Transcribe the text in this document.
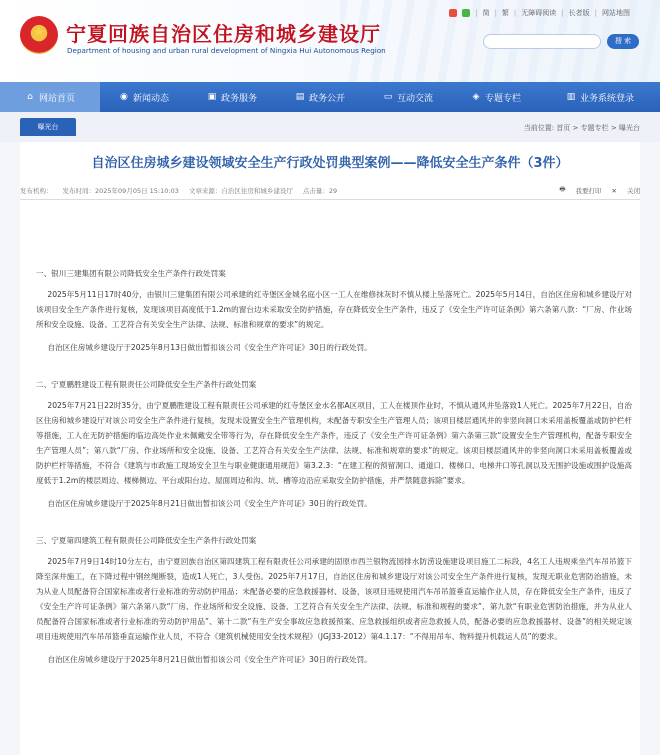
宁夏回族自治区住房和城乡建设厅
Department of housing and urban rural development of Ningxia Hui Autonomous Region
| 简 | 繁 | 无障碍阅读 | 长者版 | 网站地图
搜 索
⌂ 网站首页	◉ 新闻动态	▣ 政务服务	▤ 政务公开	▭ 互动交流	◈ 专题专栏	▥ 业务系统登录
曝光台	当前位置: 首页 > 专题专栏 > 曝光台
自治区住房城乡建设领域安全生产行政处罚典型案例——降低安全生产条件（3件）
发布机构： 发布时间：2025年09月05日 15:10:03 文章来源：自治区住房和城乡建设厅 点击量：29	🖶 我要打印 ✕ 关闭

一、银川三建集团有限公司降低安全生产条件行政处罚案

2025年5月11日17时40分，由银川三建集团有限公司承建的红寺堡区金城名庭小区一工人在维修抹灰时不慎从楼上坠落死亡。2025年5月14日，自治区住房和城乡建设厅对该项目安全生产条件进行复核，发现该项目高度低于1.2m的窗台边未采取安全防护措施，存在降低安全生产条件，违反了《安全生产许可证条例》第六条第八款：“厂房、作业场所和安全设施、设备、工艺符合有关安全生产法律、法规、标准和规章的要求”的规定。

自治区住房城乡建设厅于2025年8月13日做出暂扣该公司《安全生产许可证》30日的行政处罚。

二、宁夏鹏胜建设工程有限责任公司降低安全生产条件行政处罚案

2025年7月21日22时35分，由宁夏鹏胜建设工程有限责任公司承建的红寺堡区金水名都A区项目，工人在楼顶作业时，不慎从通风井坠落致1人死亡。2025年7月22日，自治区住房和城乡建设厅对该公司安全生产条件进行复核，发现未设置安全生产管理机构，未配备专职安全生产管理人员；该项目楼层通风井的非竖向洞口未采用盖板覆盖或防护栏杆等措施，工人在无防护措施的临边高处作业未佩戴安全带等行为，存在降低安全生产条件，违反了《安全生产许可证条例》第六条第三款“设置安全生产管理机构，配备专职安全生产管理人员”；第八款“厂房、作业场所和安全设施、设备、工艺符合有关安全生产法律、法规、标准和规章的要求”的规定。该项目楼层通风井的非竖向洞口未采用盖板覆盖或防护栏杆等措施，不符合《建筑与市政施工现场安全卫生与职业健康通用规范》第3.2.3：“在建工程的预留洞口、通道口、楼梯口、电梯井口等孔洞以及无围护设施或围护设施高度低于1.2m的楼层周边、楼梯侧边、平台或阳台边、屋面周边和沟、坑、槽等边沿应采取安全防护措施，并严禁随意拆除”要求。

自治区住房城乡建设厅于2025年8月21日做出暂扣该公司《安全生产许可证》30日的行政处罚。

三、宁夏第四建筑工程有限责任公司降低安全生产条件行政处罚案

2025年7月9日14时10分左右，由宁夏回族自治区第四建筑工程有限责任公司承建的固原市西兰银物流园排水防涝设施建设项目施工二标段，4名工人违规乘坐汽车吊吊篮下降至深井施工，在下降过程中钢丝绳断裂，造成1人死亡，3人受伤。2025年7月17日，自治区住房和城乡建设厅对该公司安全生产条件进行复核，发现无职业危害防治措施，未为从业人员配备符合国家标准或者行业标准的劳动防护用品；未配备必要的应急救援器材、设备，该项目违规使用汽车吊吊篮垂直运输作业人员，存在降低安全生产条件，违反了《安全生产许可证条例》第六条第八款“厂房、作业场所和安全设施、设备、工艺符合有关安全生产法律、法规、标准和规程的要求”、第九款“有职业危害防治措施，并为从业人员配备符合国家标准或者行业标准的劳动防护用品”、第十二款“有生产安全事故应急救援预案、应急救援组织或者应急救援人员，配备必要的应急救援器材、设备”的相关规定该项目违规使用汽车吊吊篮垂直运输作业人员，不符合《建筑机械使用安全技术规程》（JGJ33-2012）第4.1.17：“不得用吊车、物料提升机载运人员”的要求。

自治区住房城乡建设厅于2025年8月21日做出暂扣该公司《安全生产许可证》30日的行政处罚。
